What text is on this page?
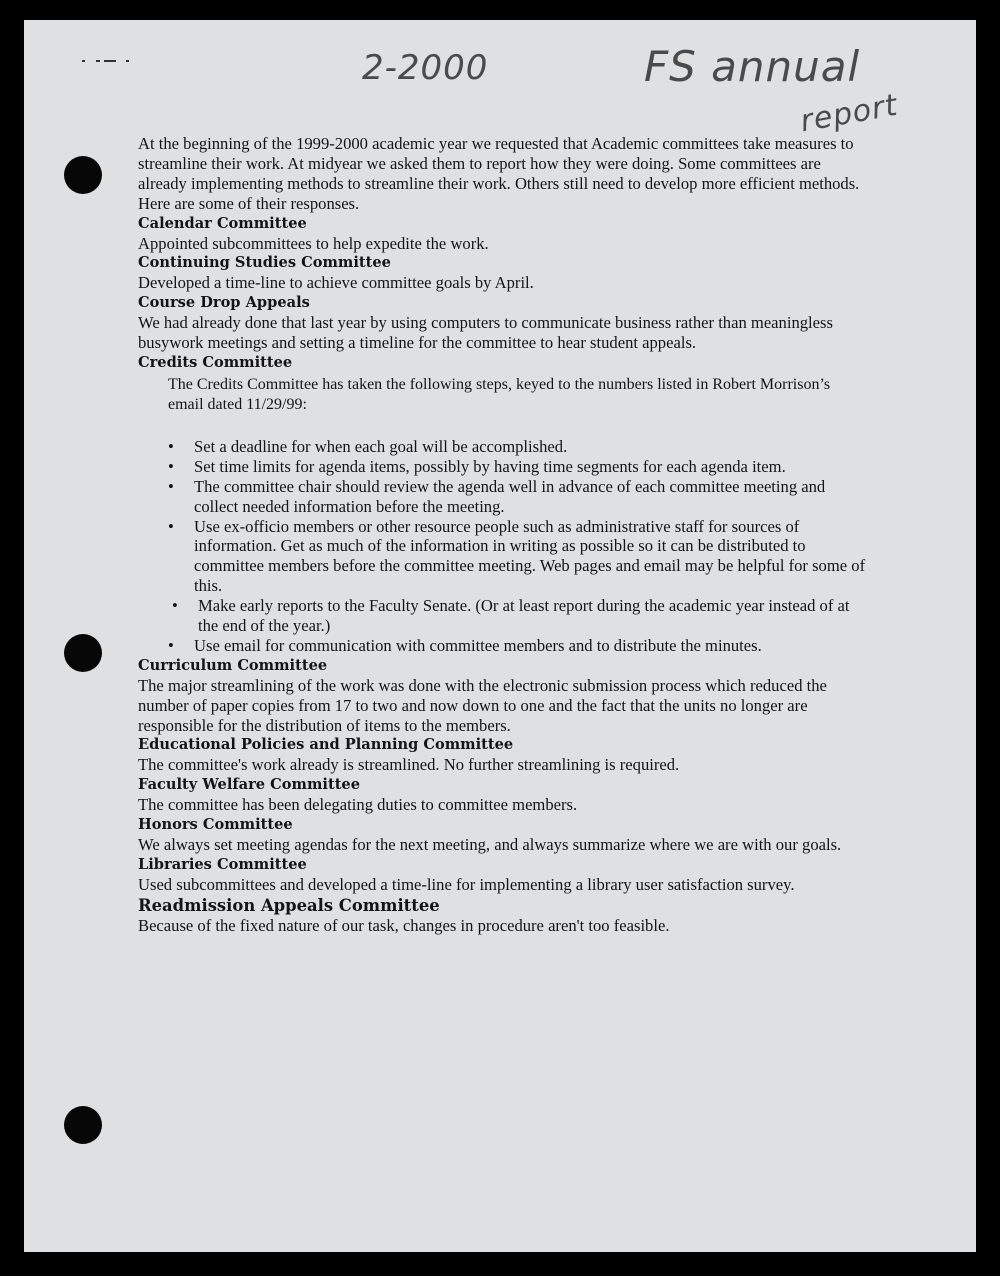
2-2000	FS annual
report

At the beginning of the 1999-2000 academic year we requested that Academic committees take measures to streamline their work. At midyear we asked them to report how they were doing. Some committees are already implementing methods to streamline their work. Others still need to develop more efficient methods. Here are some of their responses.

Calendar Committee

Appointed subcommittees to help expedite the work.

Continuing Studies Committee

Developed a time-line to achieve committee goals by April.

Course Drop Appeals

We had already done that last year by using computers to communicate business rather than meaningless busywork meetings and setting a timeline for the committee to hear student appeals.

Credits Committee

The Credits Committee has taken the following steps, keyed to the numbers listed in Robert Morrison’s email dated 11/29/99:

• Set a deadline for when each goal will be accomplished.
• Set time limits for agenda items, possibly by having time segments for each agenda item.
• The committee chair should review the agenda well in advance of each committee meeting and collect needed information before the meeting.
• Use ex-officio members or other resource people such as administrative staff for sources of information. Get as much of the information in writing as possible so it can be distributed to committee members before the committee meeting. Web pages and email may be helpful for some of this.
• Make early reports to the Faculty Senate. (Or at least report during the academic year instead of at the end of the year.)
• Use email for communication with committee members and to distribute the minutes.

Curriculum Committee

The major streamlining of the work was done with the electronic submission process which reduced the number of paper copies from 17 to two and now down to one and the fact that the units no longer are responsible for the distribution of items to the members.

Educational Policies and Planning Committee

The committee's work already is streamlined. No further streamlining is required.

Faculty Welfare Committee

The committee has been delegating duties to committee members.

Honors Committee

We always set meeting agendas for the next meeting, and always summarize where we are with our goals.

Libraries Committee

Used subcommittees and developed a time-line for implementing a library user satisfaction survey.

Readmission Appeals Committee

Because of the fixed nature of our task, changes in procedure aren't too feasible.
